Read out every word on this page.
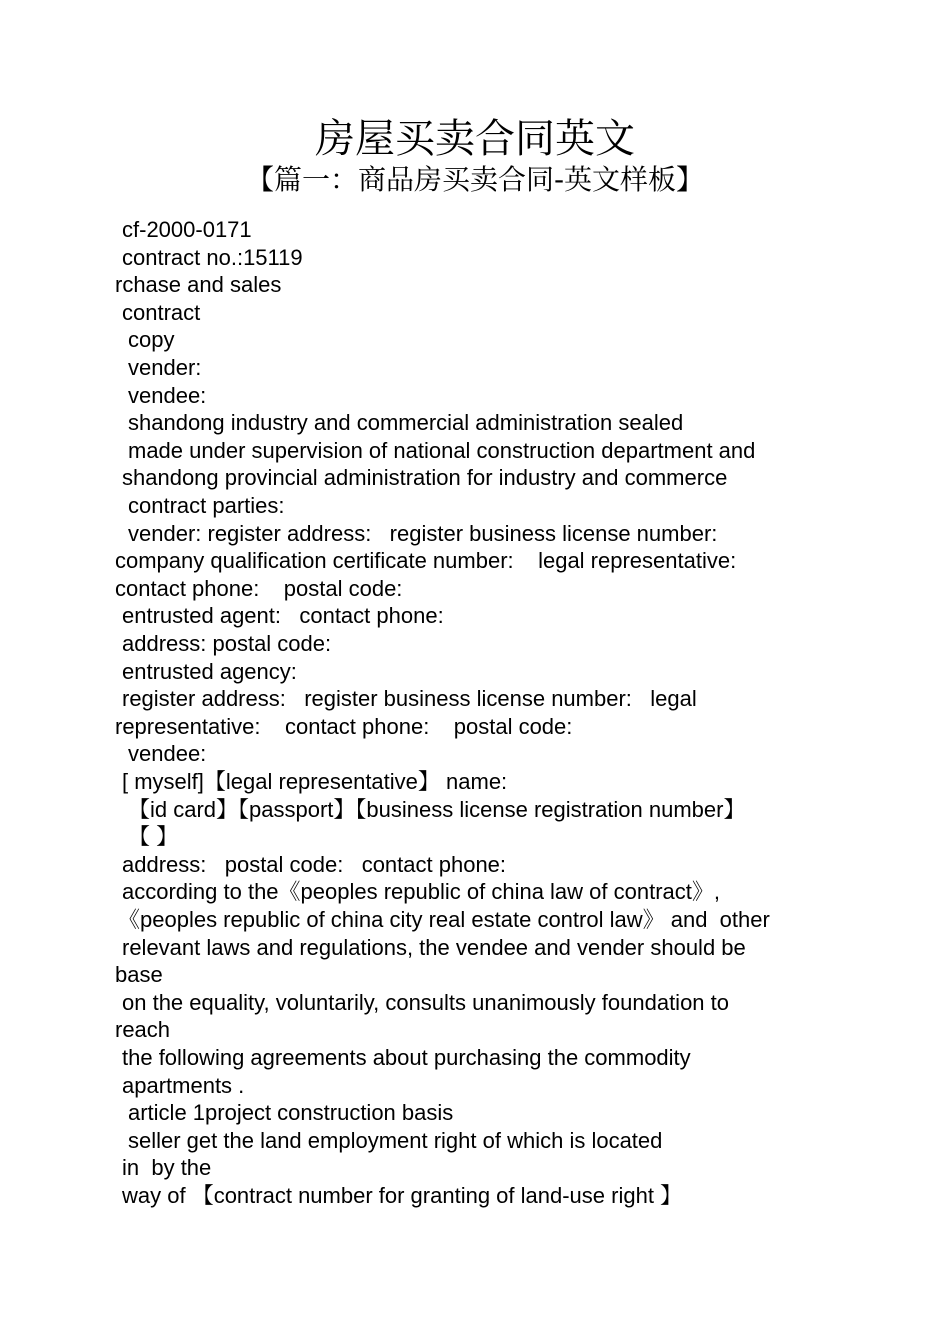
房屋买卖合同英文
【篇一：商品房买卖合同-英文样板】
cf-2000-0171
contract no.:15119
rchase and sales
contract
copy
vender:
vendee:
shandong industry and commercial administration sealed
made under supervision of national construction department and
shandong provincial administration for industry and commerce
contract parties:
vender: register address:   register business license number:
company qualification certificate number:    legal representative:
contact phone:    postal code:
entrusted agent:   contact phone:
address: postal code:
entrusted agency:
register address:   register business license number:   legal
representative:    contact phone:    postal code:
vendee:
[ myself]【legal representative】 name:
【id card】【passport】【business license registration number】
【 】
address:   postal code:   contact phone:
according to the《peoples republic of china law of contract》,
《peoples republic of china city real estate control law》 and  other
relevant laws and regulations, the vendee and vender should be
base
on the equality, voluntarily, consults unanimously foundation to
reach
the following agreements about purchasing the commodity
apartments .
article 1project construction basis
seller get the land employment right of which is located
in  by the
way of 【contract number for granting of land-use right 】
